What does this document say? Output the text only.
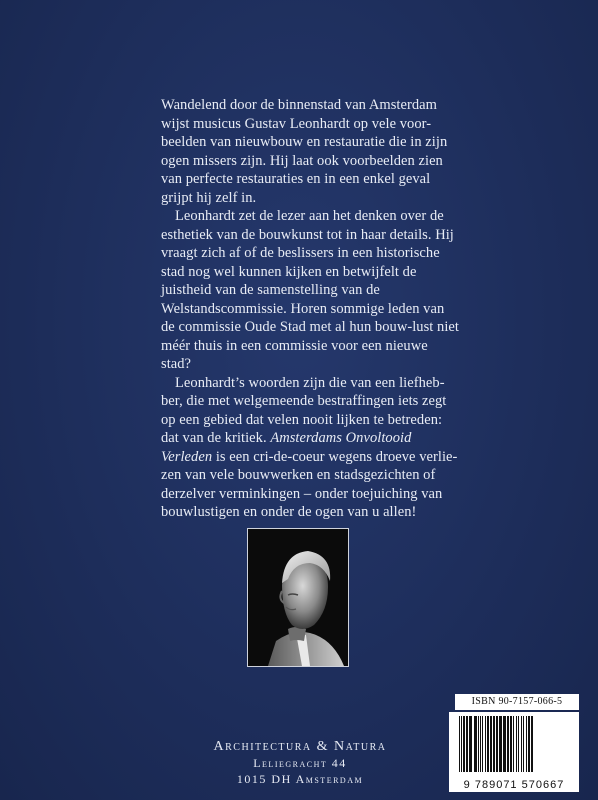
Wandelend door de binnenstad van Amsterdam wijst musicus Gustav Leonhardt op vele voor-beelden van nieuwbouw en restauratie die in zijn ogen missers zijn. Hij laat ook voorbeelden zien van perfecte restauraties en in een enkel geval grijpt hij zelf in.

Leonhardt zet de lezer aan het denken over de esthetiek van de bouwkunst tot in haar details. Hij vraagt zich af of de beslissers in een historische stad nog wel kunnen kijken en betwijfelt de juistheid van de samenstelling van de Welstandscommissie. Horen sommige leden van de commissie Oude Stad met al hun bouw-lust niet méér thuis in een commissie voor een nieuwe stad?

Leonhardt’s woorden zijn die van een liefheb-ber, die met welgemeende bestraffingen iets zegt op een gebied dat velen nooit lijken te betreden: dat van de kritiek. Amsterdams Onvoltooid Verleden is een cri-de-coeur wegens droeve verlie-zen van vele bouwwerken en stadsgezichten of derzelver verminkingen – onder toejuiching van bouwlustigen en onder de ogen van u allen!

ISBN 90-7157-066-5
9 789071 570667
Architectura & Natura
Leliegracht 44
1015 DH Amsterdam
